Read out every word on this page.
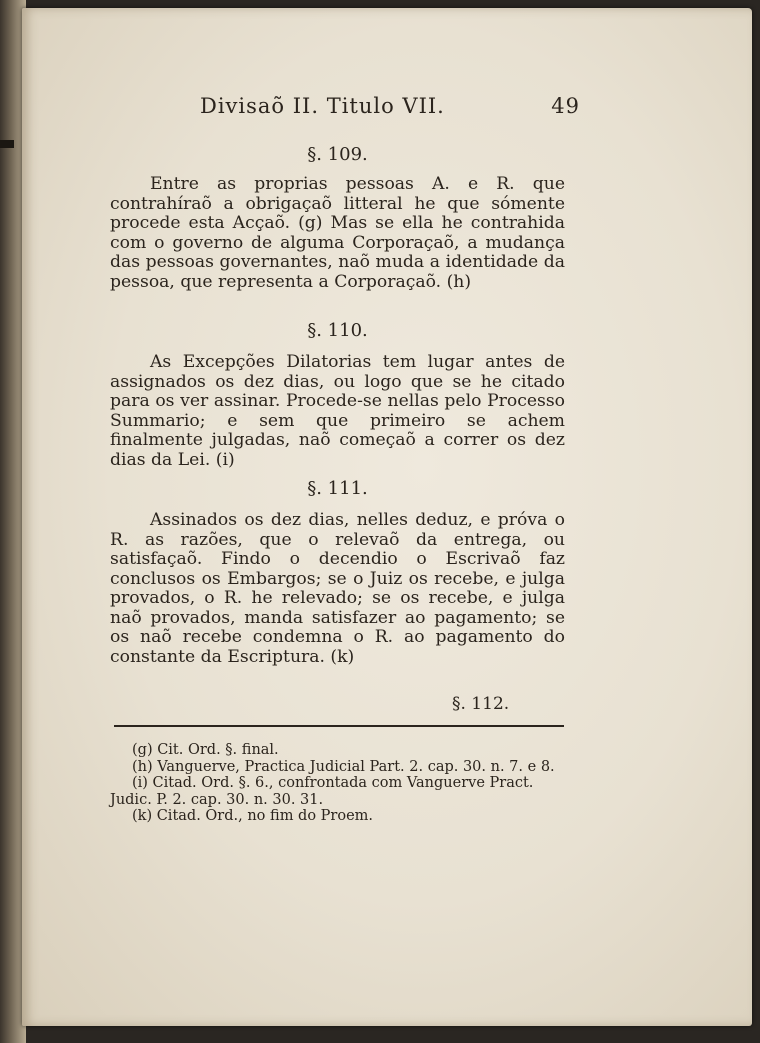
Divisaõ II. Titulo VII.	49
§. 109.

Entre as proprias pessoas A. e R. que contrahíraõ a obrigaçaõ litteral he que sómente procede esta Acçaõ. (g) Mas se ella he contrahida com o governo de alguma Corporaçaõ, a mudança das pessoas governantes, naõ muda a identidade da pessoa, que representa a Corporaçaõ. (h)

§. 110.

As Excepções Dilatorias tem lugar antes de assignados os dez dias, ou logo que se he citado para os ver assinar. Procede-se nellas pelo Processo Summario; e sem que primeiro se achem finalmente julgadas, naõ começaõ a correr os dez dias da Lei. (i)

§. 111.

Assinados os dez dias, nelles deduz, e próva o R. as razões, que o relevaõ da entrega, ou satisfaçaõ. Findo o decendio o Escrivaõ faz conclusos os Embargos; se o Juiz os recebe, e julga provados, o R. he relevado; se os recebe, e julga naõ provados, manda satisfazer ao pagamento; se os naõ recebe condemna o R. ao pagamento do constante da Escriptura. (k)

§. 112.

(g) Cit. Ord. §. final.

(h) Vanguerve, Practica Judicial Part. 2. cap. 30. n. 7. e 8.

(i) Citad. Ord. §. 6., confrontada com Vanguerve Pract. Judic. P. 2. cap. 30. n. 30. 31.

(k) Citad. Ord., no fim do Proem.
